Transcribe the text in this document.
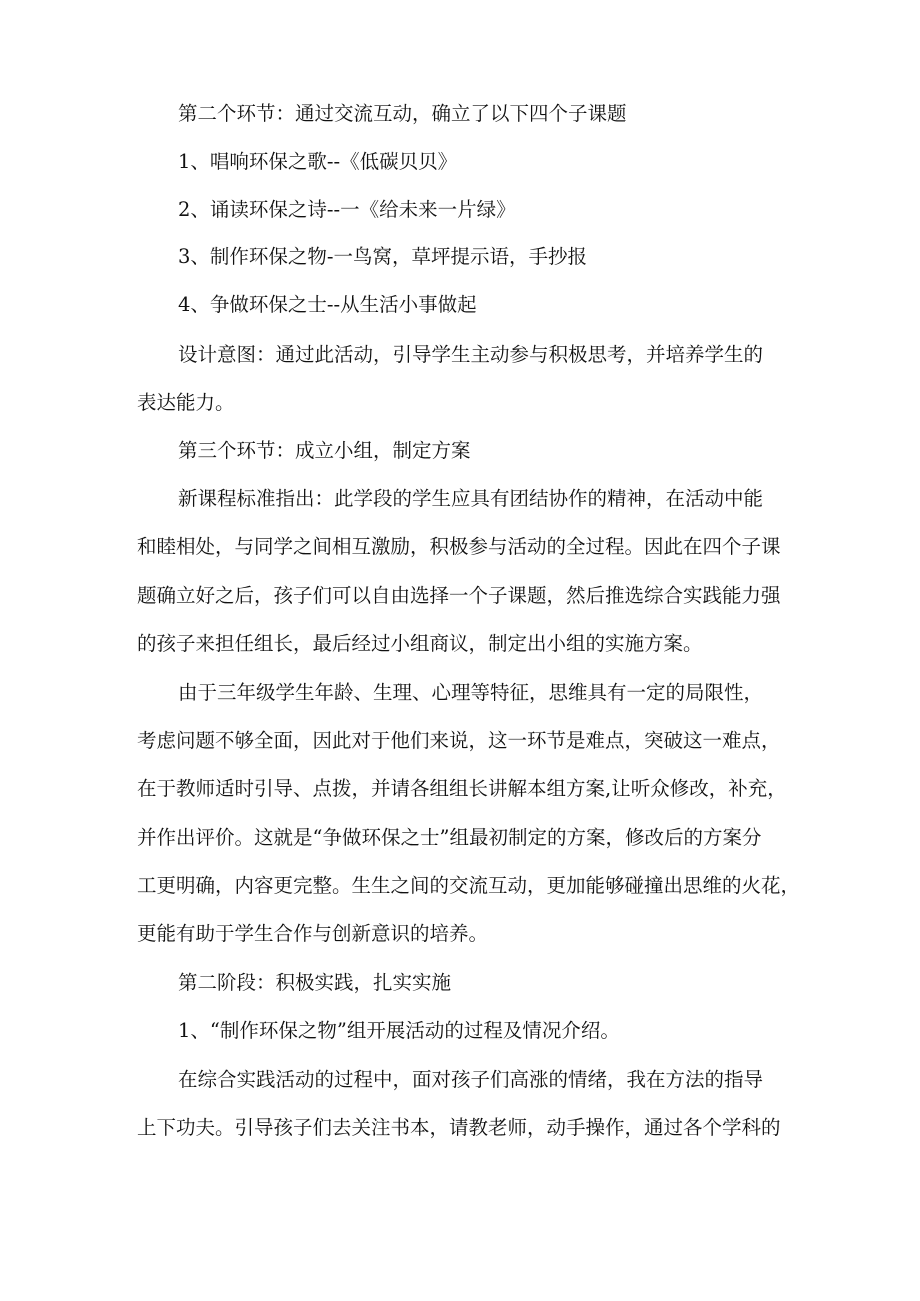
第二个环节：通过交流互动，确立了以下四个子课题

1、唱响环保之歌--《低碳贝贝》

2、诵读环保之诗--一《给未来一片绿》

3、制作环保之物-一鸟窝，草坪提示语，手抄报

4、争做环保之士--从生活小事做起

设计意图：通过此活动，引导学生主动参与积极思考，并培养学生的

表达能力。

第三个环节：成立小组，制定方案

新课程标准指出：此学段的学生应具有团结协作的精神，在活动中能

和睦相处，与同学之间相互激励，积极参与活动的全过程。因此在四个子课

题确立好之后，孩子们可以自由选择一个子课题，然后推选综合实践能力强

的孩子来担任组长，最后经过小组商议，制定出小组的实施方案。

由于三年级学生年龄、生理、心理等特征，思维具有一定的局限性，

考虑问题不够全面，因此对于他们来说，这一环节是难点，突破这一难点，

在于教师适时引导、点拨，并请各组组长讲解本组方案,让听众修改，补充，

并作出评价。这就是“争做环保之士”组最初制定的方案，修改后的方案分

工更明确，内容更完整。生生之间的交流互动，更加能够碰撞出思维的火花，

更能有助于学生合作与创新意识的培养。

第二阶段：积极实践，扎实实施

1、“制作环保之物”组开展活动的过程及情况介绍。

在综合实践活动的过程中，面对孩子们高涨的情绪，我在方法的指导

上下功夫。引导孩子们去关注书本，请教老师，动手操作，通过各个学科的
